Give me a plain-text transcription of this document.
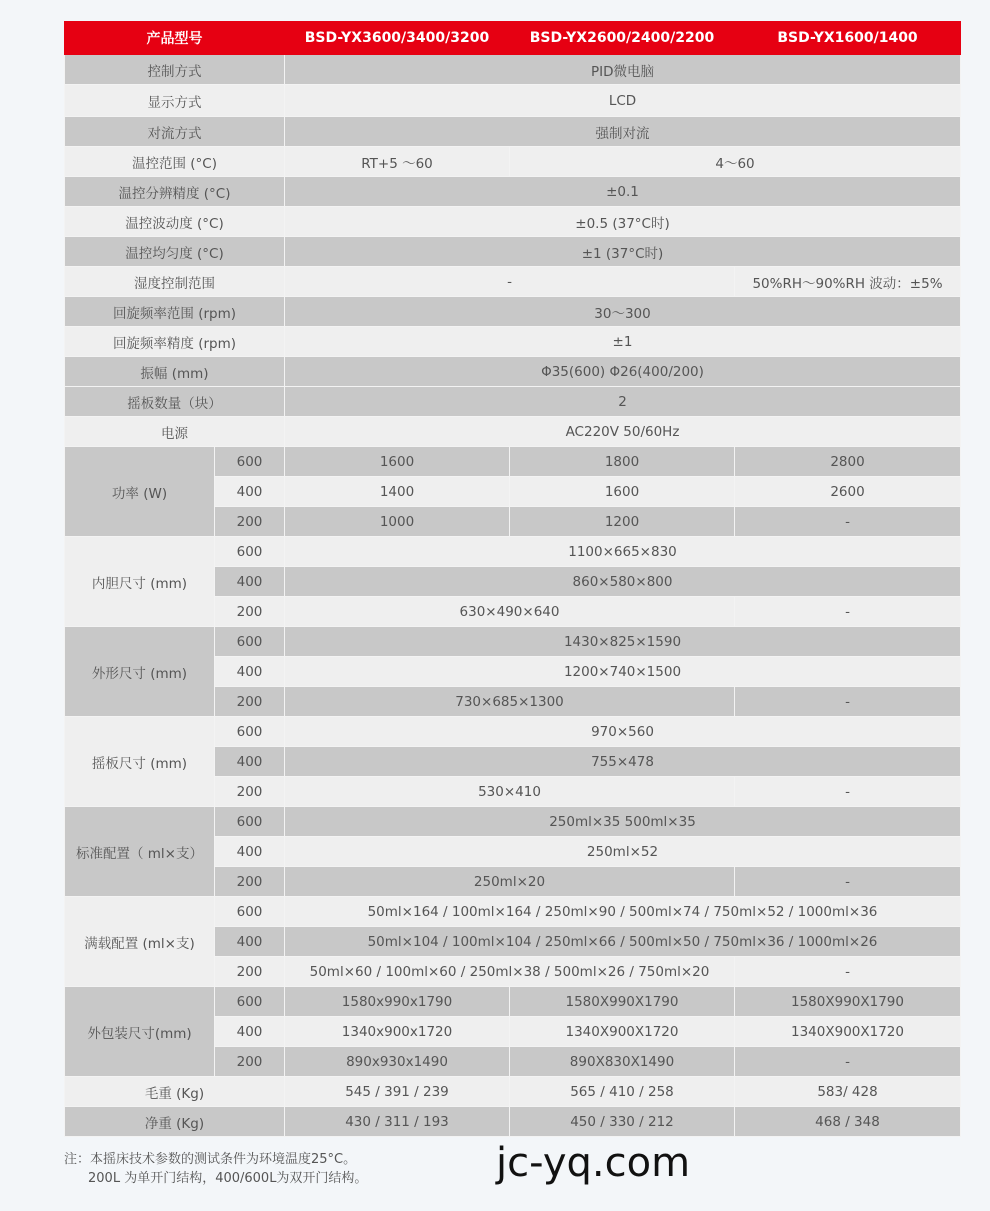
产品型号		BSD-YX3600/3400/3200	BSD-YX2600/2400/2200	BSD-YX1600/1400
控制方式		PID微电脑		
显示方式		LCD		
对流方式		强制对流		
温控范围 (°C)		RT+5 ～60	4～60	
温控分辨精度 (°C)		±0.1		
温控波动度 (°C)		±0.5 (37°C时)		
温控均匀度 (°C)		±1 (37°C时)		
湿度控制范围		-		50%RH～90%RH 波动：±5%
回旋频率范围 (rpm)		30～300		
回旋频率精度 (rpm)		±1		
振幅 (mm)		Φ35(600) Φ26(400/200)		
摇板数量（块）		2		
电源		AC220V 50/60Hz		
功率 (W)	600	1600	1800	2800
	400	1400	1600	2600
	200	1000	1200	-
内胆尺寸 (mm)	600	1100×665×830		
	400	860×580×800		
	200	630×490×640		-
外形尺寸 (mm)	600	1430×825×1590		
	400	1200×740×1500		
	200	730×685×1300		-
摇板尺寸 (mm)	600	970×560		
	400	755×478		
	200	530×410		-
标准配置（ ml×支）	600	250ml×35 500ml×35		
	400	250ml×52		
	200	250ml×20		-
满载配置 (ml×支)	600	50ml×164 / 100ml×164 / 250ml×90 / 500ml×74 / 750ml×52 / 1000ml×36		
	400	50ml×104 / 100ml×104 / 250ml×66 / 500ml×50 / 750ml×36 / 1000ml×26		
	200	50ml×60 / 100ml×60 / 250ml×38 / 500ml×26 / 750ml×20		-
外包装尺寸(mm)	600	1580x990x1790	1580X990X1790	1580X990X1790
	400	1340x900x1720	1340X900X1720	1340X900X1720
	200	890x930x1490	890X830X1490	-
毛重 (Kg)		545 / 391 / 239	565 / 410 / 258	583/ 428
净重 (Kg)		430 / 311 / 193	450 / 330 / 212	468 / 348
注：本摇床技术参数的测试条件为环境温度25°C。
200L 为单开门结构，400/600L为双开门结构。	jc-yq.com
